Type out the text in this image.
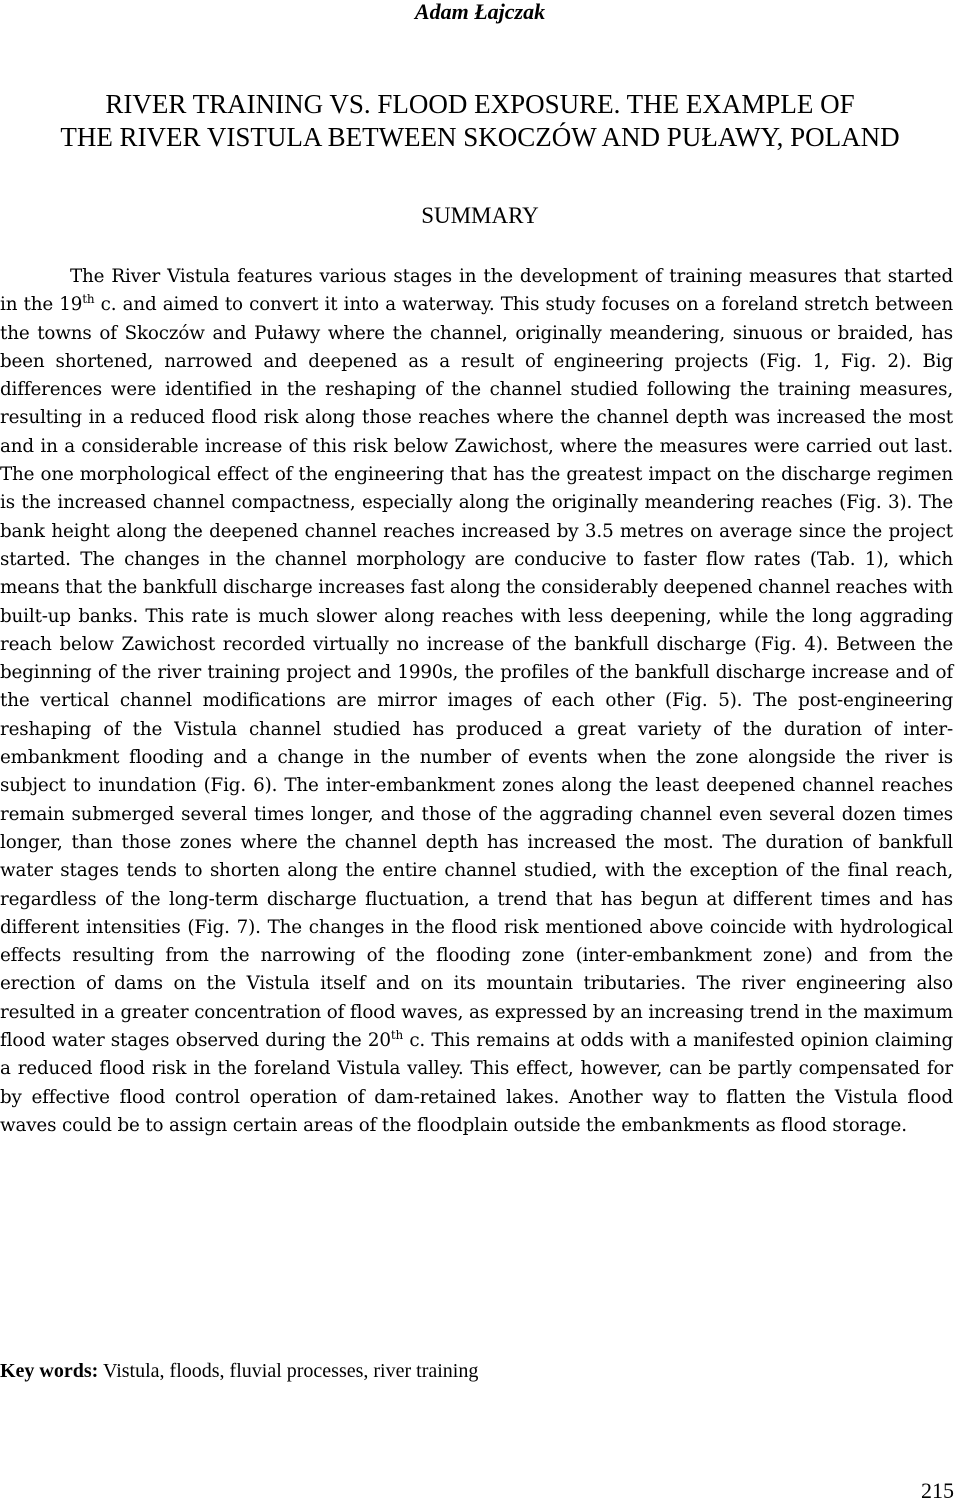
Adam Łajczak
RIVER TRAINING VS. FLOOD EXPOSURE. THE EXAMPLE OF
THE RIVER VISTULA BETWEEN SKOCZÓW AND PUŁAWY, POLAND
SUMMARY

The River Vistula features various stages in the development of training measures that started in the 19th c. and aimed to convert it into a waterway. This study focuses on a foreland stretch between the towns of Skoczów and Puławy where the channel, originally meandering, sinuous or braided, has been shortened, narrowed and deepened as a result of engineering projects (Fig. 1, Fig. 2). Big differences were identified in the reshaping of the channel studied following the training measures, resulting in a reduced flood risk along those reaches where the channel depth was increased the most and in a considerable increase of this risk below Zawichost, where the measures were carried out last. The one morphological effect of the engineering that has the greatest impact on the discharge regimen is the increased channel compactness, especially along the originally meandering reaches (Fig. 3). The bank height along the deepened channel reaches increased by 3.5 metres on average since the project started. The changes in the channel morphology are conducive to faster flow rates (Tab. 1), which means that the bankfull discharge increases fast along the considerably deepened channel reaches with built-up banks. This rate is much slower along reaches with less deepening, while the long aggrading reach below Zawichost recorded virtually no increase of the bankfull discharge (Fig. 4). Between the beginning of the river training project and 1990s, the profiles of the bankfull discharge increase and of the vertical channel modifications are mirror images of each other (Fig. 5). The post-engineering reshaping of the Vistula channel studied has produced a great variety of the duration of inter-embankment flooding and a change in the number of events when the zone alongside the river is subject to inundation (Fig. 6). The inter-embankment zones along the least deepened channel reaches remain submerged several times longer, and those of the aggrading channel even several dozen times longer, than those zones where the channel depth has increased the most. The duration of bankfull water stages tends to shorten along the entire channel studied, with the exception of the final reach, regardless of the long-term discharge fluctuation, a trend that has begun at different times and has different intensities (Fig. 7). The changes in the flood risk mentioned above coincide with hydrological effects resulting from the narrowing of the flooding zone (inter-embankment zone) and from the erection of dams on the Vistula itself and on its mountain tributaries. The river engineering also resulted in a greater concentration of flood waves, as expressed by an increasing trend in the maximum flood water stages observed during the 20th c. This remains at odds with a manifested opinion claiming a reduced flood risk in the foreland Vistula valley. This effect, however, can be partly compensated for by effective flood control operation of dam-retained lakes. Another way to flatten the Vistula flood waves could be to assign certain areas of the floodplain outside the embankments as flood storage.

Key words: Vistula, floods, fluvial processes, river training

215
